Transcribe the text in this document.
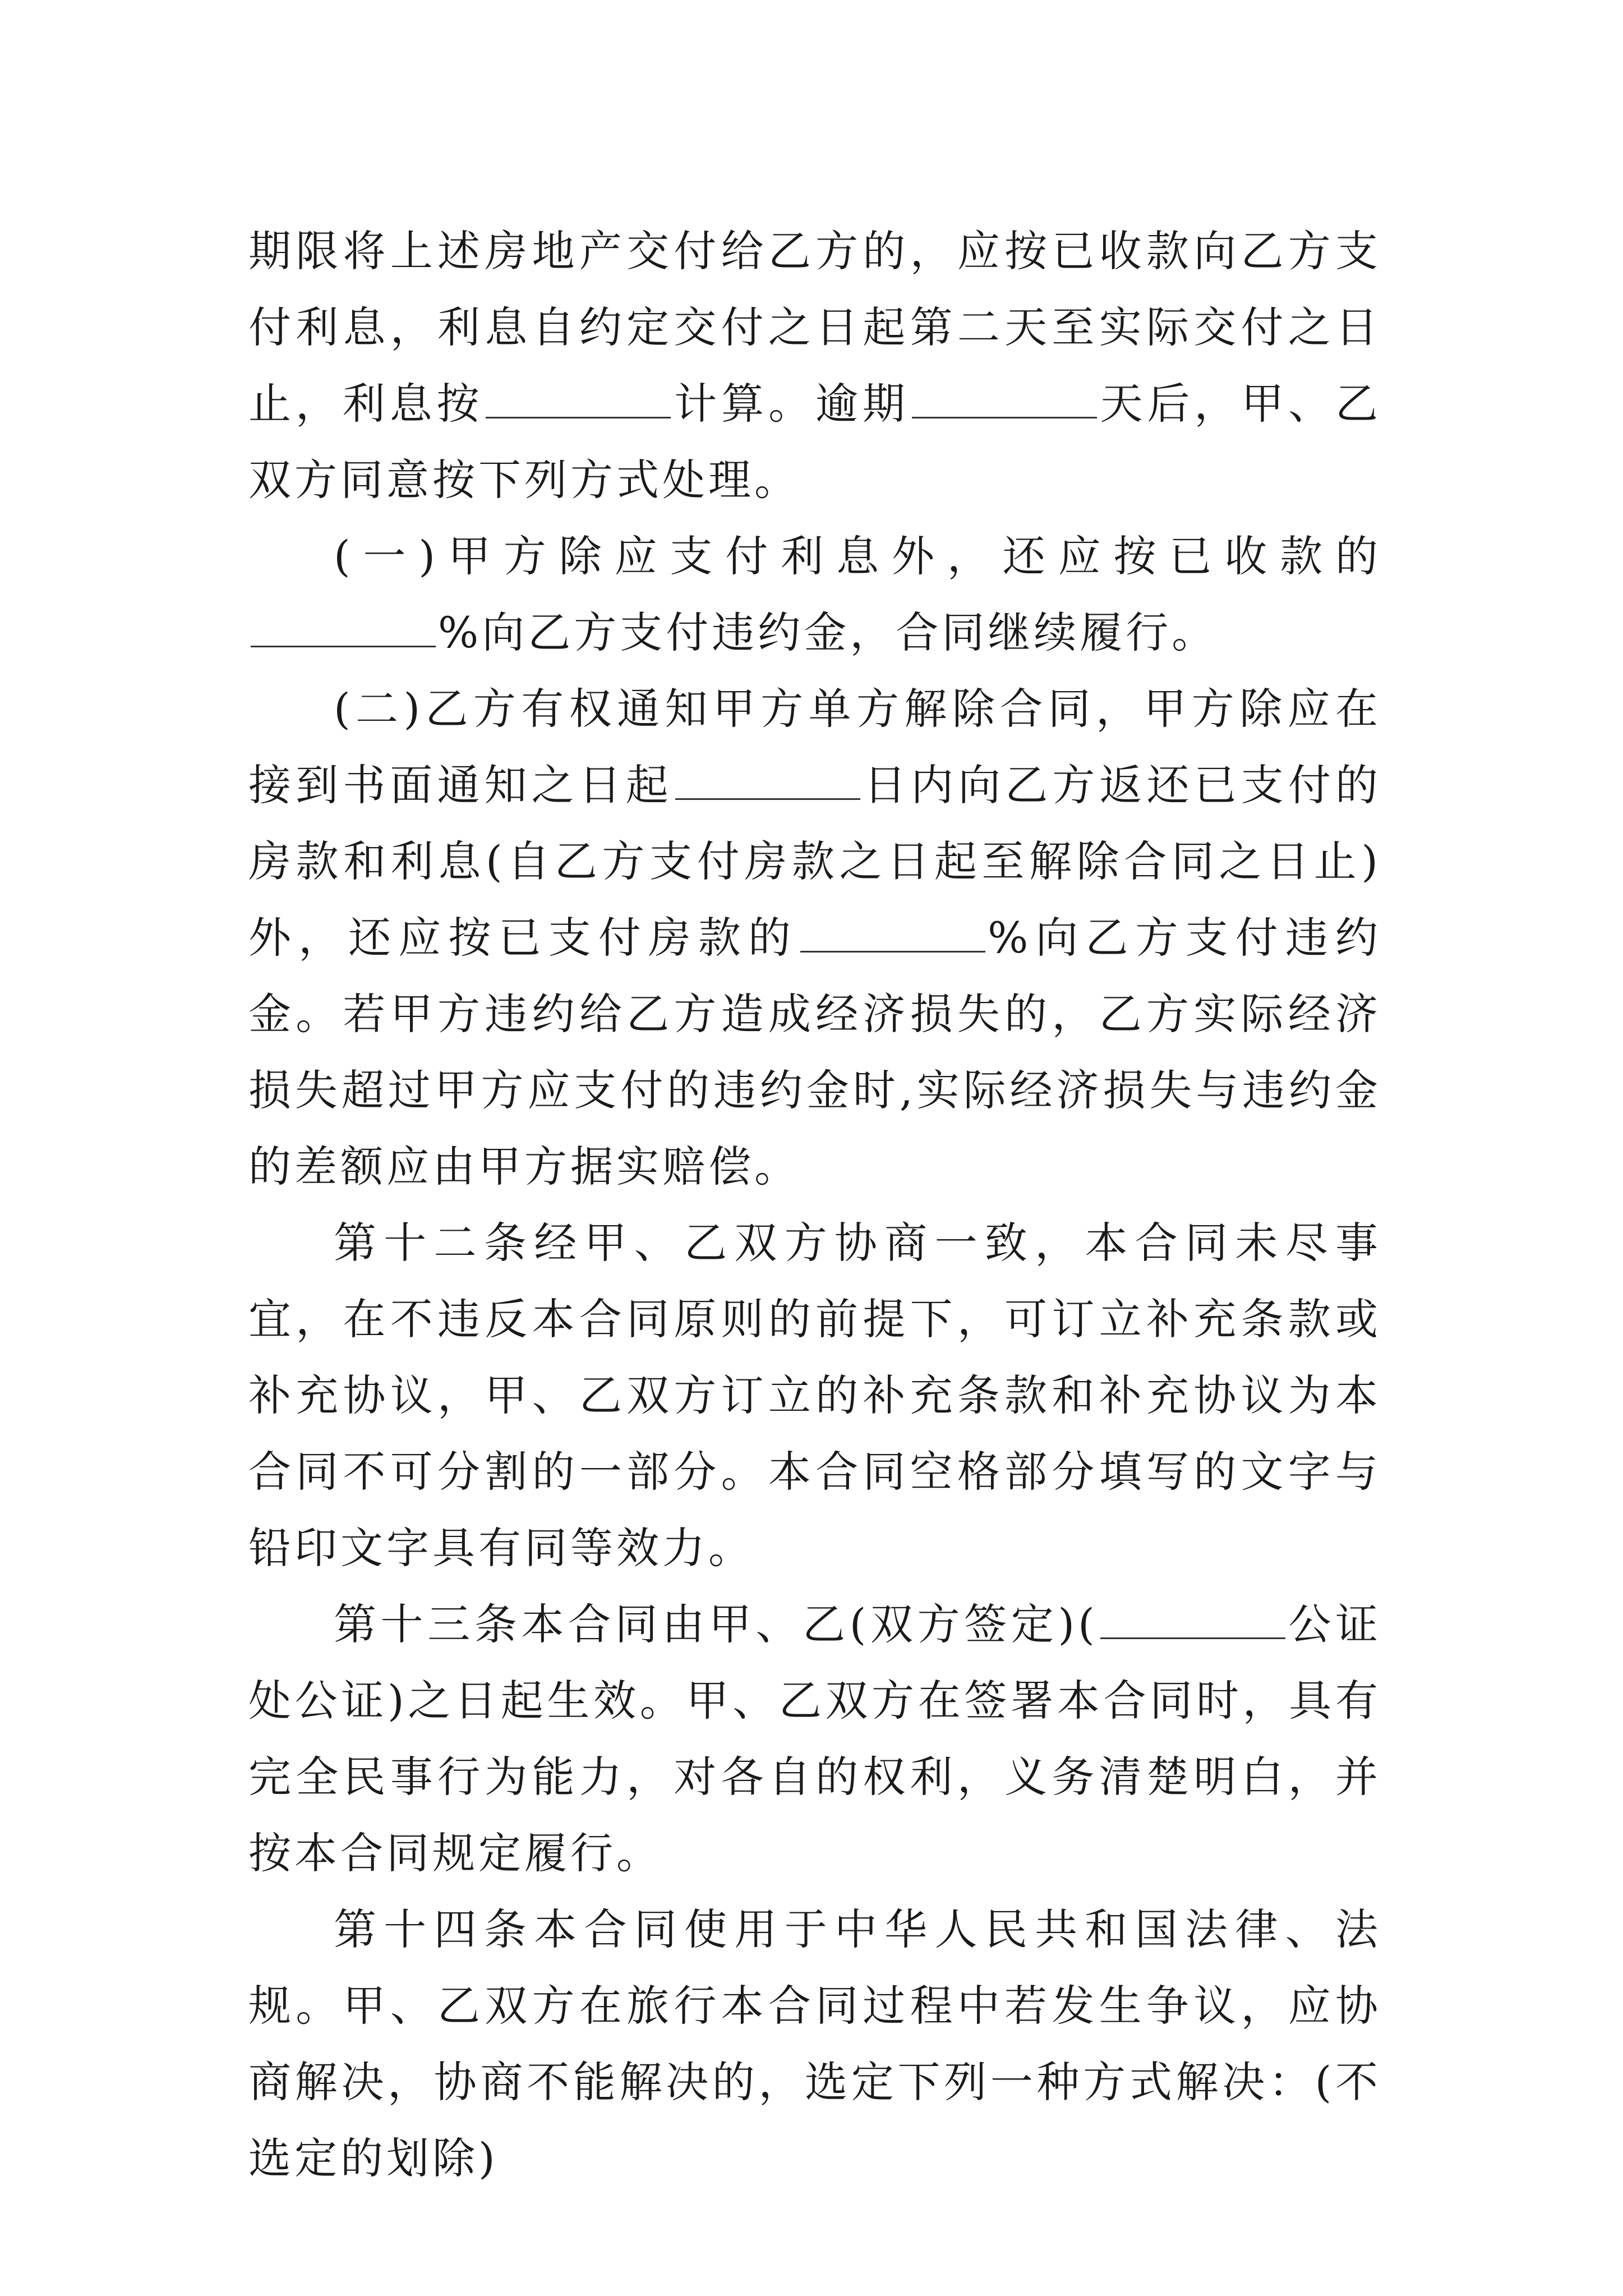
期限将上述房地产交付给乙方的，应按已收款向乙方支付利息，利息自约定交付之日起第二天至实际交付之日止，利息按	计算。逾期	天后，甲、乙双方同意按下列方式处理。

(一)甲方除应支付利息外，还应按已收款的%向乙方支付违约金，合同继续履行。

(二)乙方有权通知甲方单方解除合同，甲方除应在接到书面通知之日起	日内向乙方返还已支付的房款和利息(自乙方支付房款之日起至解除合同之日止)外，还应按已支付房款的	%向乙方支付违约金。若甲方违约给乙方造成经济损失的，乙方实际经济损失超过甲方应支付的违约金时,实际经济损失与违约金的差额应由甲方据实赔偿。

第十二条经甲、乙双方协商一致，本合同未尽事宜，在不违反本合同原则的前提下，可订立补充条款或补充协议，甲、乙双方订立的补充条款和补充协议为本合同不可分割的一部分。本合同空格部分填写的文字与铅印文字具有同等效力。

第十三条本合同由甲、乙(双方签定)(	公证处公证)之日起生效。甲、乙双方在签署本合同时，具有完全民事行为能力，对各自的权利，义务清楚明白，并按本合同规定履行。

第十四条本合同使用于中华人民共和国法律、法规。甲、乙双方在旅行本合同过程中若发生争议，应协商解决，协商不能解决的，选定下列一种方式解决：(不选定的划除)
